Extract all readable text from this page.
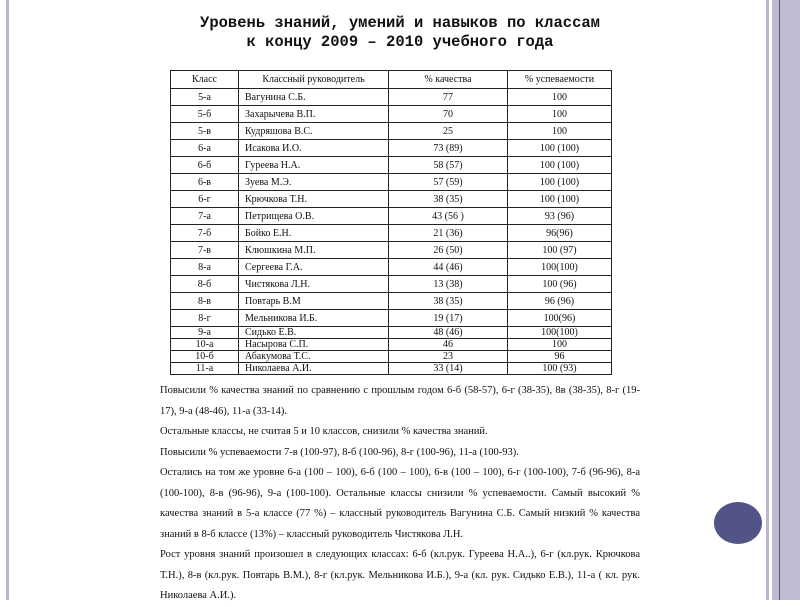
Уровень знаний, умений и навыков по классам
к концу 2009 – 2010 учебного года
Класс	Классный руководитель	% качества	% успеваемости
5-а	Вагунина С.Б.	77	100
5-б	Захарычева В.П.	70	100
5-в	Кудряшова В.С.	25	100
6-а	Исакова И.О.	73 (89)	100 (100)
6-б	Гуреева Н.А.	58 (57)	100 (100)
6-в	Зуева М.Э.	57 (59)	100 (100)
6-г	Крючкова Т.Н.	38 (35)	100 (100)
7-а	Петрищева О.В.	43 (56 )	93 (96)
7-б	Бойко Е.Н.	21 (36)	96(96)
7-в	Клюшкина М.П.	26 (50)	100 (97)
8-а	Сергеева Г.А.	44 (46)	100(100)
8-б	Чистякова Л.Н.	13 (38)	100 (96)
8-в	Повтарь В.М	38 (35)	96 (96)
8-г	Мельникова И.Б.	19 (17)	100(96)
9-а	Сидько Е.В.	48 (46)	100(100)
10-а	Насырова С.П.	46	100
10-б	Абакумова Т.С.	23	96
11-а	Николаева А.И.	33 (14)	100 (93)

Повысили % качества знаний по сравнению с прошлым годом 6-б (58-57), 6-г (38-35), 8в (38-35), 8-г (19-17), 9-а (48-46), 11-а (33-14).

Остальные классы, не считая 5 и 10 классов, снизили % качества знаний.

Повысили % успеваемости 7-в (100-97), 8-б (100-96), 8-г (100-96), 11-а (100-93).

Остались на том же уровне 6-а (100 – 100), 6-б (100 – 100), 6-в (100 – 100), 6-г (100-100), 7-б (96-96), 8-а (100-100), 8-в (96-96), 9-а (100-100). Остальные классы снизили % успеваемости. Самый высокий % качества знаний в 5-а классе (77 %) – классный руководитель Вагунина С.Б. Самый низкий % качества знаний в 8-б классе (13%) – классный руководитель Чистякова Л.Н.

Рост уровня знаний произошел в следующих классах: 6-б (кл.рук. Гуреева Н.А..), 6-г (кл.рук. Крючкова Т.Н.), 8-в (кл.рук. Повтарь В.М.), 8-г (кл.рук. Мельникова И.Б.), 9-а (кл. рук. Сидько Е.В.), 11-а ( кл. рук. Николаева А.И.).
